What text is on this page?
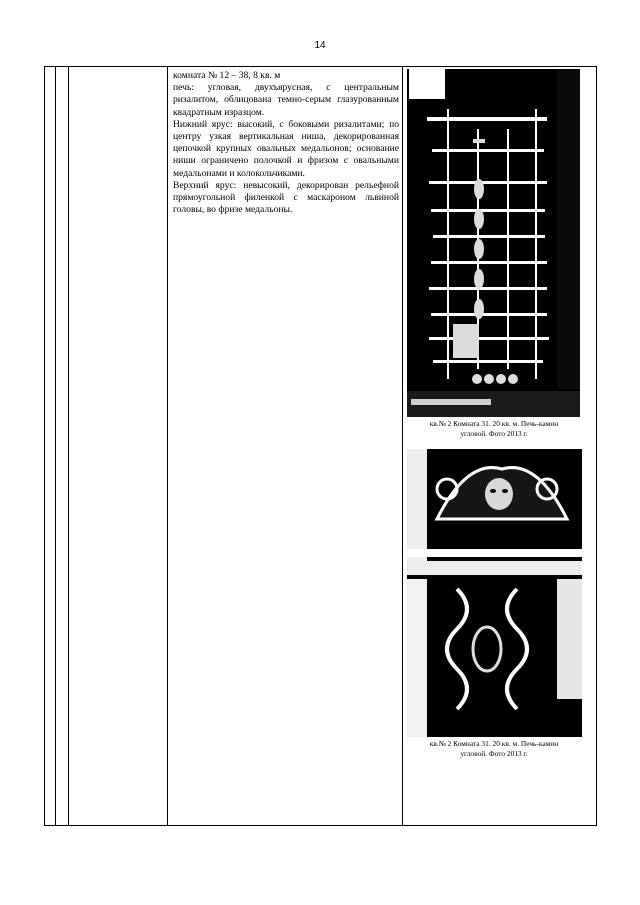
14

комната № 12 – 38, 8 кв. м

печь: угловая, двухъярусная, с центральным ризалитом, облицована темно-серым глазурованным квадратным изразцом.

Нижний ярус: высокий, с боковыми ризалитами; по центру узкая вертикальная ниша, декорированная цепочкой крупных овальных медальонов; основание ниши ограничено полочкой и фризом с овальными медальонами и колокольчиками.

Верхний ярус: невысокий, декорирован рельефной прямоугольной филенкой с маскароном львиной головы, во фризе медальоны.

кв.№ 2 Комната 31. 20 кв. м. Печь-камин
угловой. Фото 2013 г.
кв.№ 2 Комната 31. 20 кв. м. Печь-камин
угловой. Фото 2013 г.
